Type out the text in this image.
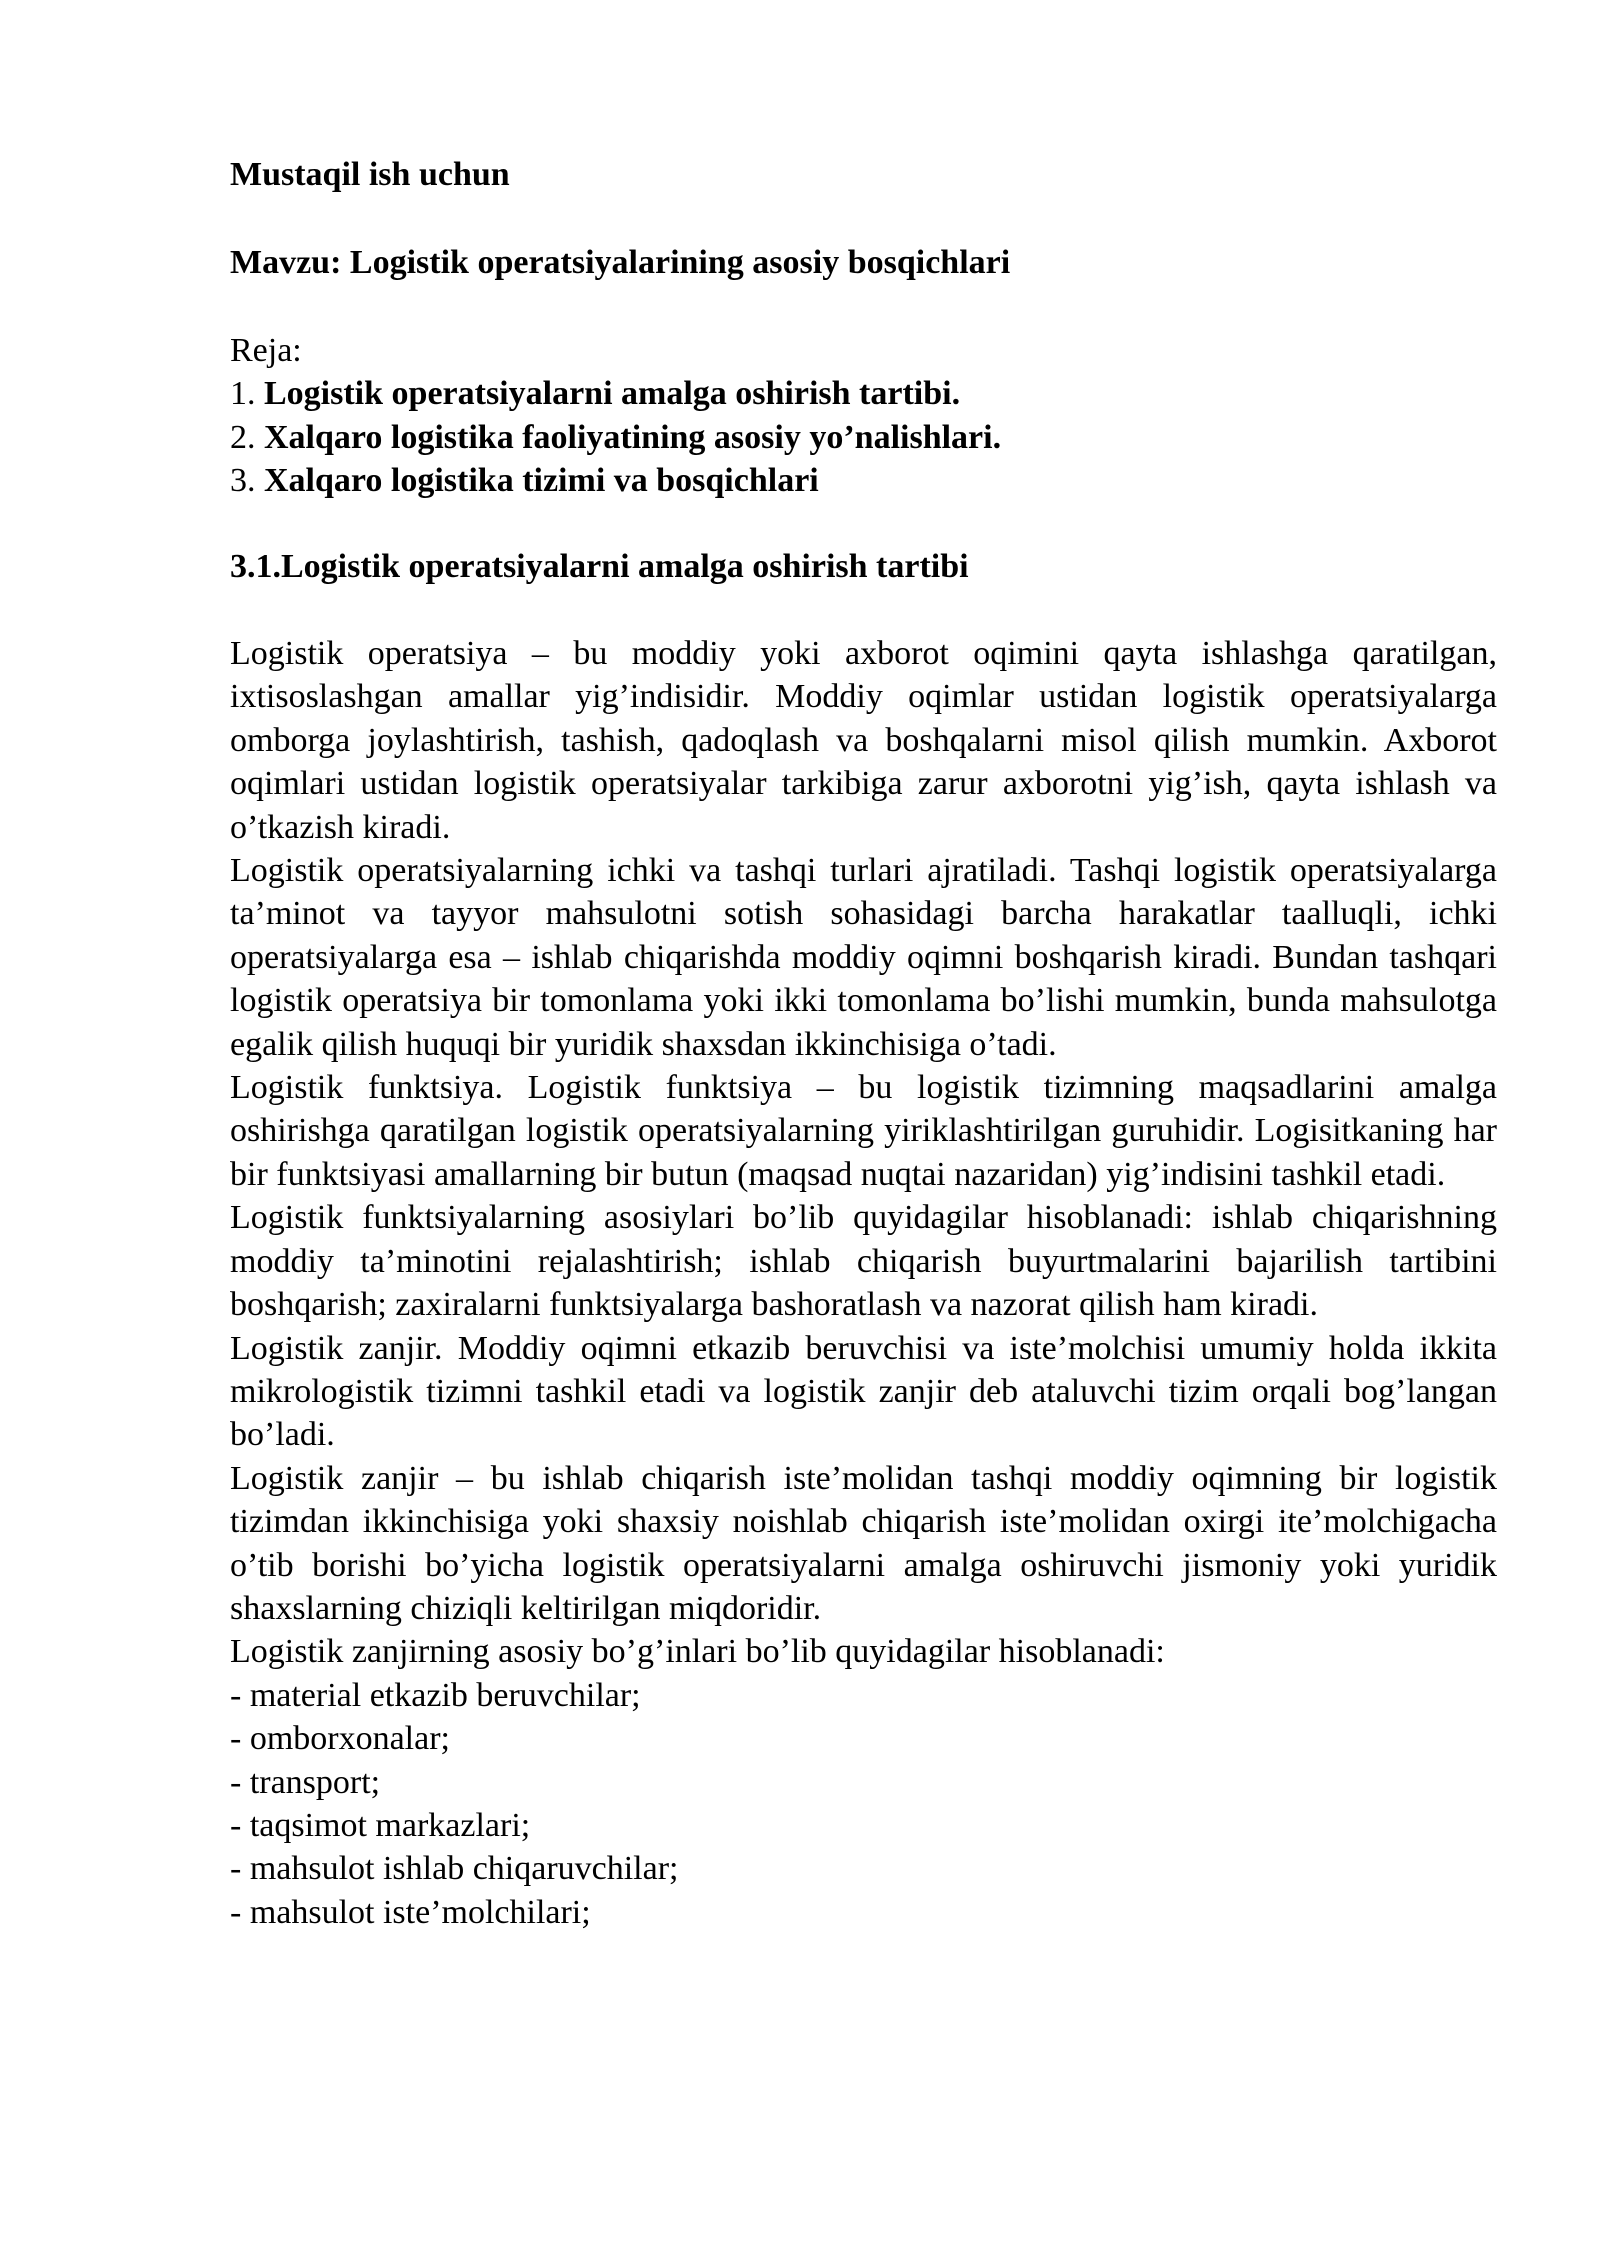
Mustaqil ish uchun
Mavzu: Logistik operatsiyalarining asosiy bosqichlari
Reja:
1. Logistik operatsiyalarni amalga oshirish tartibi.
2. Xalqaro logistika faoliyatining asosiy yo’nalishlari.
3. Xalqaro logistika tizimi va bosqichlari
3.1.Logistik operatsiyalarni amalga oshirish tartibi

Logistik operatsiya – bu moddiy yoki axborot oqimini qayta ishlashga qaratilgan, ixtisoslashgan amallar yig’indisidir. Moddiy oqimlar ustidan logistik operatsiyalarga omborga joylashtirish, tashish, qadoqlash va boshqalarni misol qilish mumkin. Axborot oqimlari ustidan logistik operatsiyalar tarkibiga zarur axborotni yig’ish, qayta ishlash va o’tkazish kiradi.

Logistik operatsiyalarning ichki va tashqi turlari ajratiladi. Tashqi logistik operatsiyalarga ta’minot va tayyor mahsulotni sotish sohasidagi barcha harakatlar taalluqli, ichki operatsiyalarga esa – ishlab chiqarishda moddiy oqimni boshqarish kiradi. Bundan tashqari logistik operatsiya bir tomonlama yoki ikki tomonlama bo’lishi mumkin, bunda mahsulotga egalik qilish huquqi bir yuridik shaxsdan ikkinchisiga o’tadi.

Logistik funktsiya. Logistik funktsiya – bu logistik tizimning maqsadlarini amalga oshirishga qaratilgan logistik operatsiyalarning yiriklashtirilgan guruhidir. Logisitkaning har bir funktsiyasi amallarning bir butun (maqsad nuqtai nazaridan) yig’indisini tashkil etadi.

Logistik funktsiyalarning asosiylari bo’lib quyidagilar hisoblanadi: ishlab chiqarishning moddiy ta’minotini rejalashtirish; ishlab chiqarish buyurtmalarini bajarilish tartibini boshqarish; zaxiralarni funktsiyalarga bashoratlash va nazorat qilish ham kiradi.

Logistik zanjir. Moddiy oqimni etkazib beruvchisi va iste’molchisi umumiy holda ikkita mikrologistik tizimni tashkil etadi va logistik zanjir deb ataluvchi tizim orqali bog’langan bo’ladi.

Logistik zanjir – bu ishlab chiqarish iste’molidan tashqi moddiy oqimning bir logistik tizimdan ikkinchisiga yoki shaxsiy noishlab chiqarish iste’molidan oxirgi ite’molchigacha o’tib borishi bo’yicha logistik operatsiyalarni amalga oshiruvchi jismoniy yoki yuridik shaxslarning chiziqli keltirilgan miqdoridir.

Logistik zanjirning asosiy bo’g’inlari bo’lib quyidagilar hisoblanadi:

- material etkazib beruvchilar;

- omborxonalar;

- transport;

- taqsimot markazlari;

- mahsulot ishlab chiqaruvchilar;

- mahsulot iste’molchilari;
